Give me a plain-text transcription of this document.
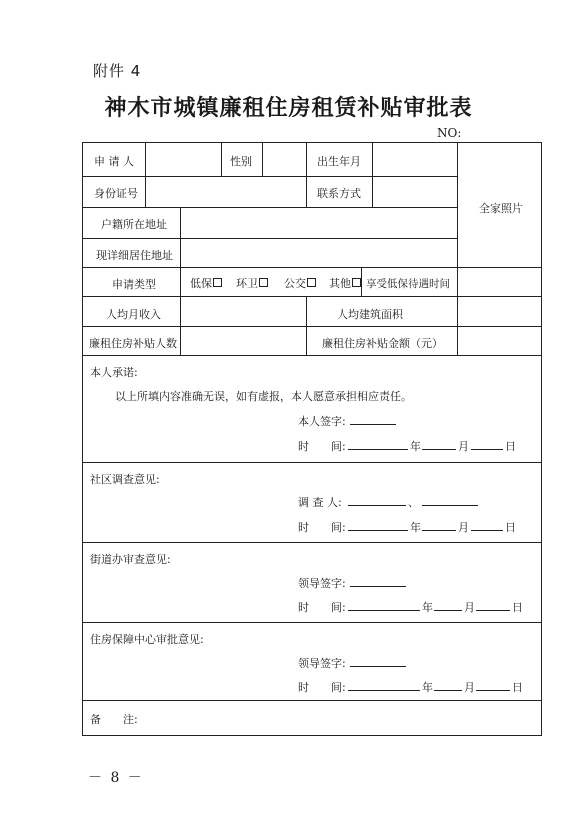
附件 4
神木市城镇廉租住房租赁补贴审批表
NO:
申 请 人	性别	出生年月
身份证号	联系方式
全家照片
户籍所在地址
现详细居住地址
申请类型	低保	环卫	公交	其他	享受低保待遇时间
人均月收入	人均建筑面积
廉租住房补贴人数	廉租住房补贴金额（元）
本人承诺:
以上所填内容准确无误，如有虚报，本人愿意承担相应责任。
本人签字:
时　　间:	年	月	日
社区调查意见:
调 查 人:	、
时　　间:	年	月	日
街道办审查意见:
领导签字:
时　　间:	年	月	日
住房保障中心审批意见:
领导签字:
时　　间:	年	月	日
备　　注:
－ 8 －
